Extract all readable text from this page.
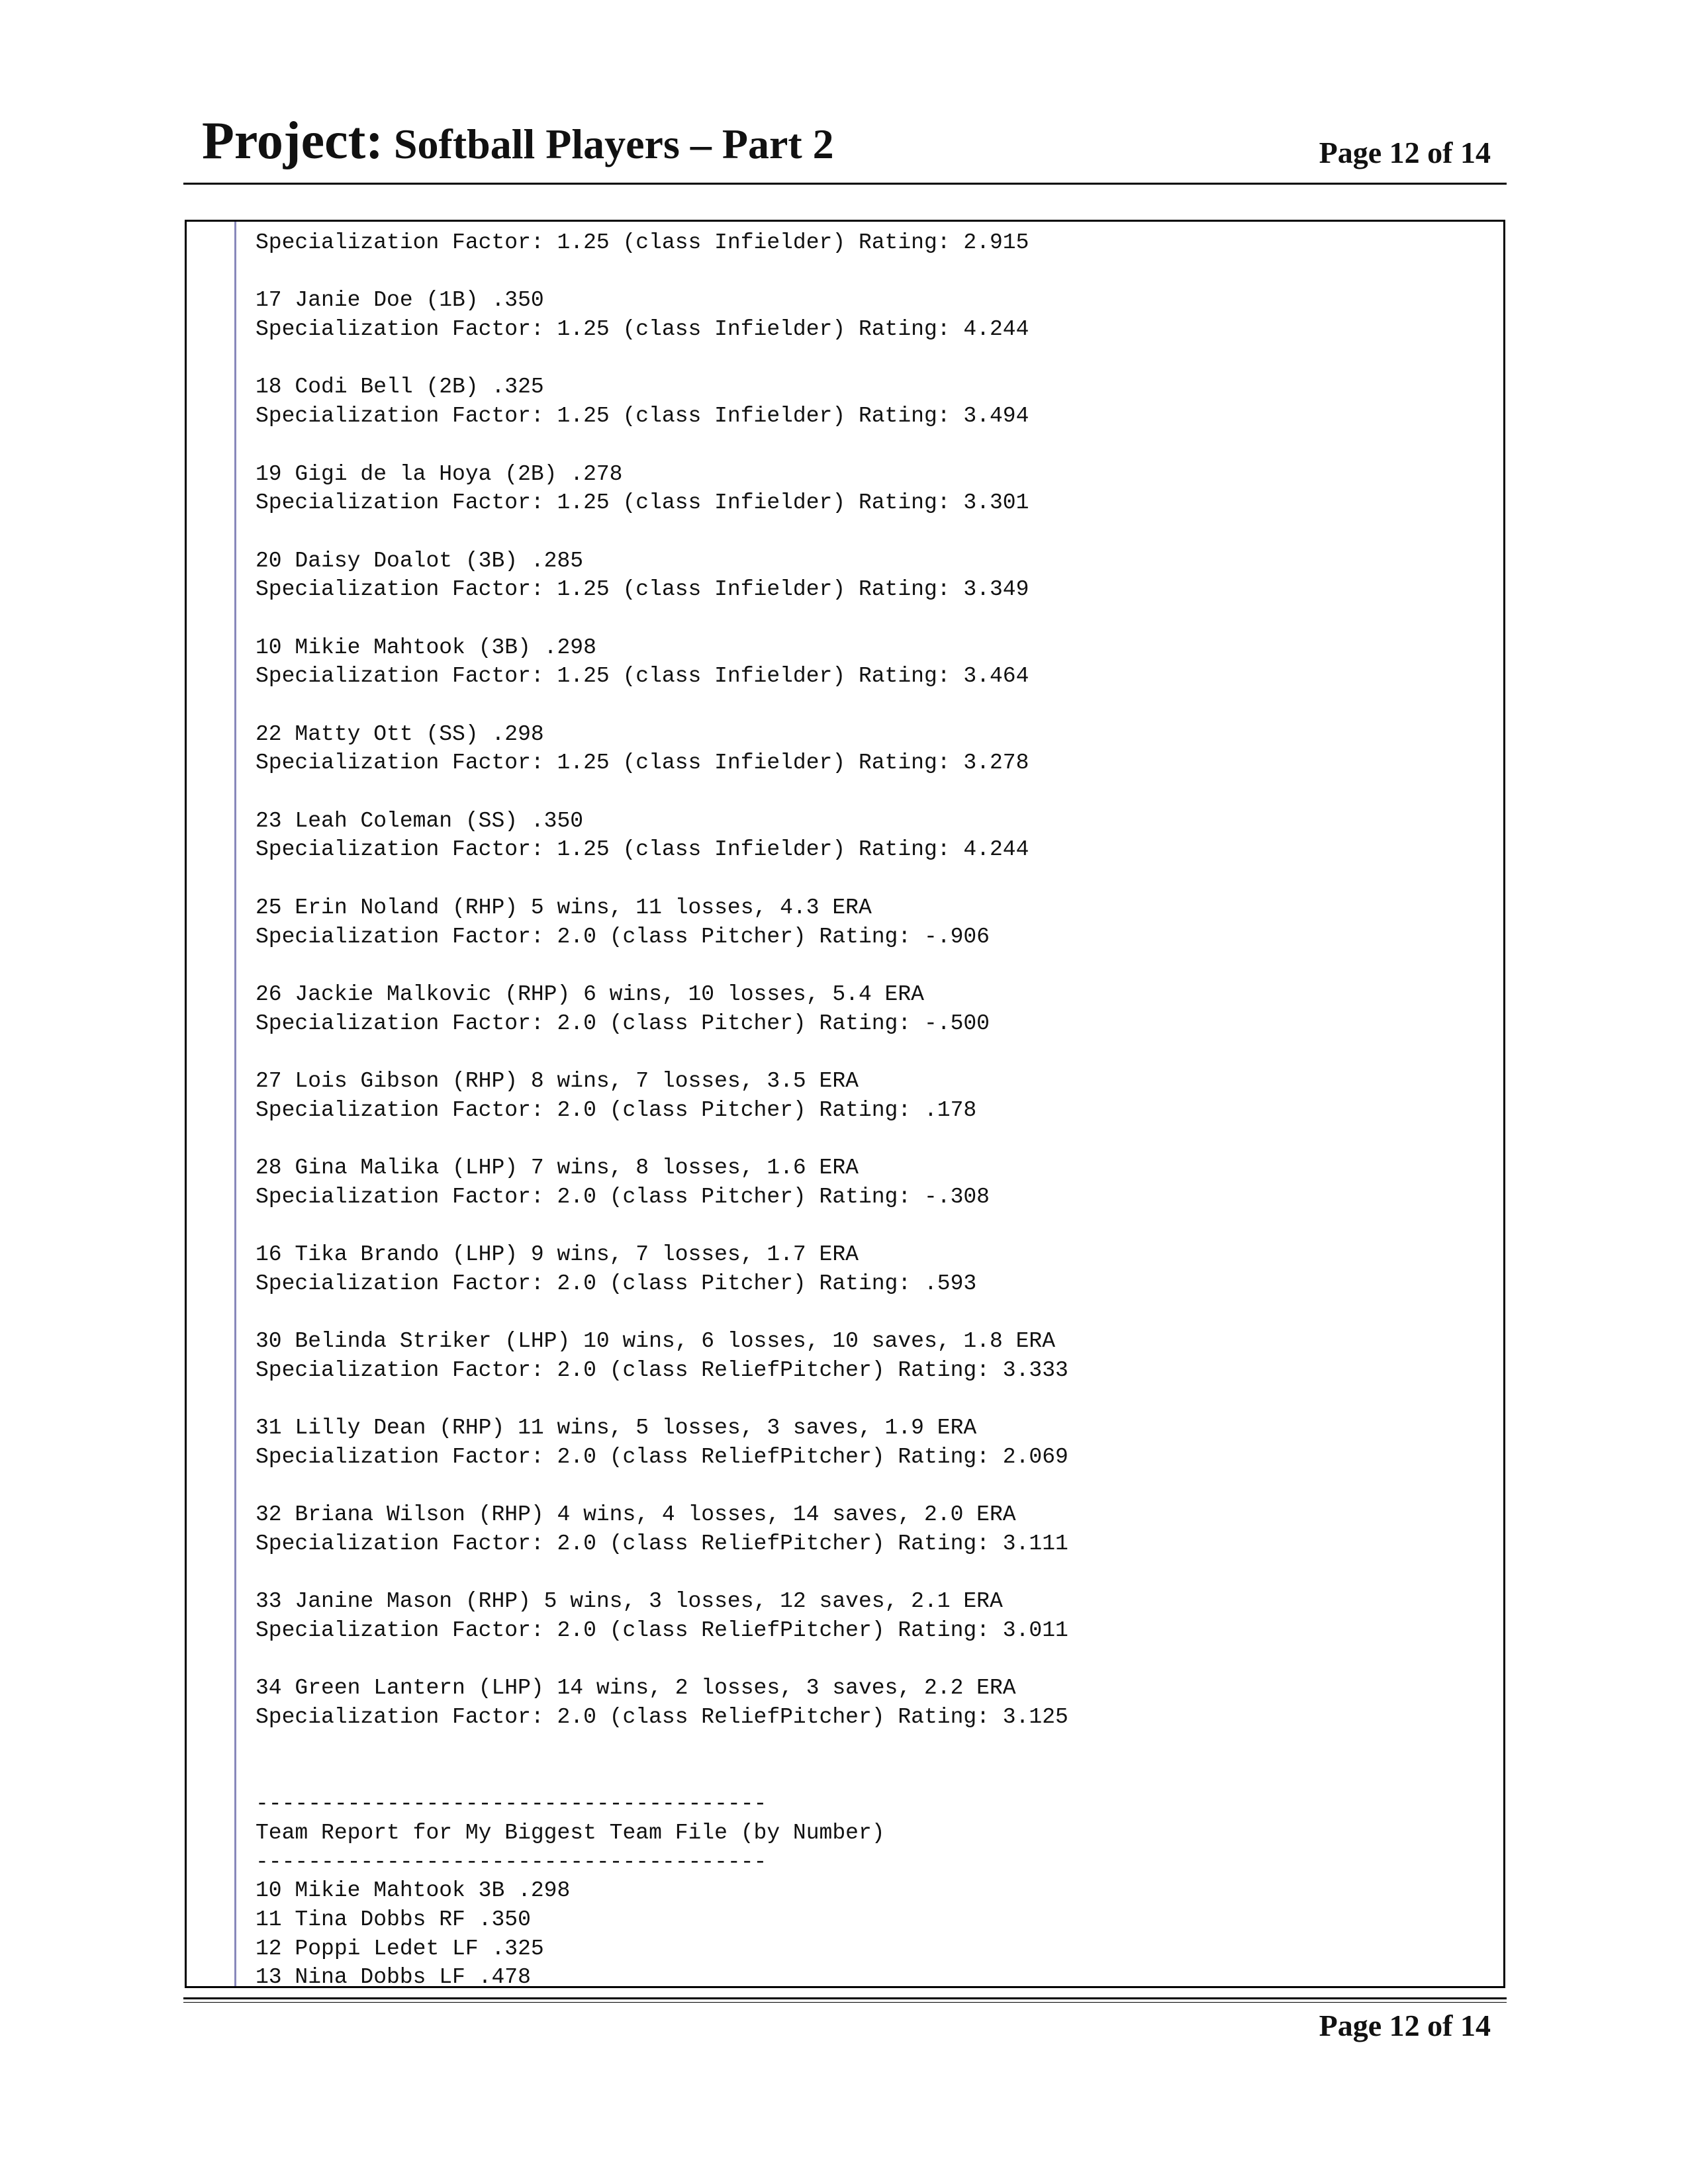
Project: Softball Players – Part 2	Page 12 of 14
Specialization Factor: 1.25 (class Infielder) Rating: 2.915
17 Janie Doe (1B) .350
Specialization Factor: 1.25 (class Infielder) Rating: 4.244
18 Codi Bell (2B) .325
Specialization Factor: 1.25 (class Infielder) Rating: 3.494
19 Gigi de la Hoya (2B) .278
Specialization Factor: 1.25 (class Infielder) Rating: 3.301
20 Daisy Doalot (3B) .285
Specialization Factor: 1.25 (class Infielder) Rating: 3.349
10 Mikie Mahtook (3B) .298
Specialization Factor: 1.25 (class Infielder) Rating: 3.464
22 Matty Ott (SS) .298
Specialization Factor: 1.25 (class Infielder) Rating: 3.278
23 Leah Coleman (SS) .350
Specialization Factor: 1.25 (class Infielder) Rating: 4.244
25 Erin Noland (RHP) 5 wins, 11 losses, 4.3 ERA
Specialization Factor: 2.0 (class Pitcher) Rating: -.906
26 Jackie Malkovic (RHP) 6 wins, 10 losses, 5.4 ERA
Specialization Factor: 2.0 (class Pitcher) Rating: -.500
27 Lois Gibson (RHP) 8 wins, 7 losses, 3.5 ERA
Specialization Factor: 2.0 (class Pitcher) Rating: .178
28 Gina Malika (LHP) 7 wins, 8 losses, 1.6 ERA
Specialization Factor: 2.0 (class Pitcher) Rating: -.308
16 Tika Brando (LHP) 9 wins, 7 losses, 1.7 ERA
Specialization Factor: 2.0 (class Pitcher) Rating: .593
30 Belinda Striker (LHP) 10 wins, 6 losses, 10 saves, 1.8 ERA
Specialization Factor: 2.0 (class ReliefPitcher) Rating: 3.333
31 Lilly Dean (RHP) 11 wins, 5 losses, 3 saves, 1.9 ERA
Specialization Factor: 2.0 (class ReliefPitcher) Rating: 2.069
32 Briana Wilson (RHP) 4 wins, 4 losses, 14 saves, 2.0 ERA
Specialization Factor: 2.0 (class ReliefPitcher) Rating: 3.111
33 Janine Mason (RHP) 5 wins, 3 losses, 12 saves, 2.1 ERA
Specialization Factor: 2.0 (class ReliefPitcher) Rating: 3.011
34 Green Lantern (LHP) 14 wins, 2 losses, 3 saves, 2.2 ERA
Specialization Factor: 2.0 (class ReliefPitcher) Rating: 3.125
---------------------------------------
Team Report for My Biggest Team File (by Number)
---------------------------------------
10 Mikie Mahtook 3B .298
11 Tina Dobbs RF .350
12 Poppi Ledet LF .325
13 Nina Dobbs LF .478
Page 12 of 14
